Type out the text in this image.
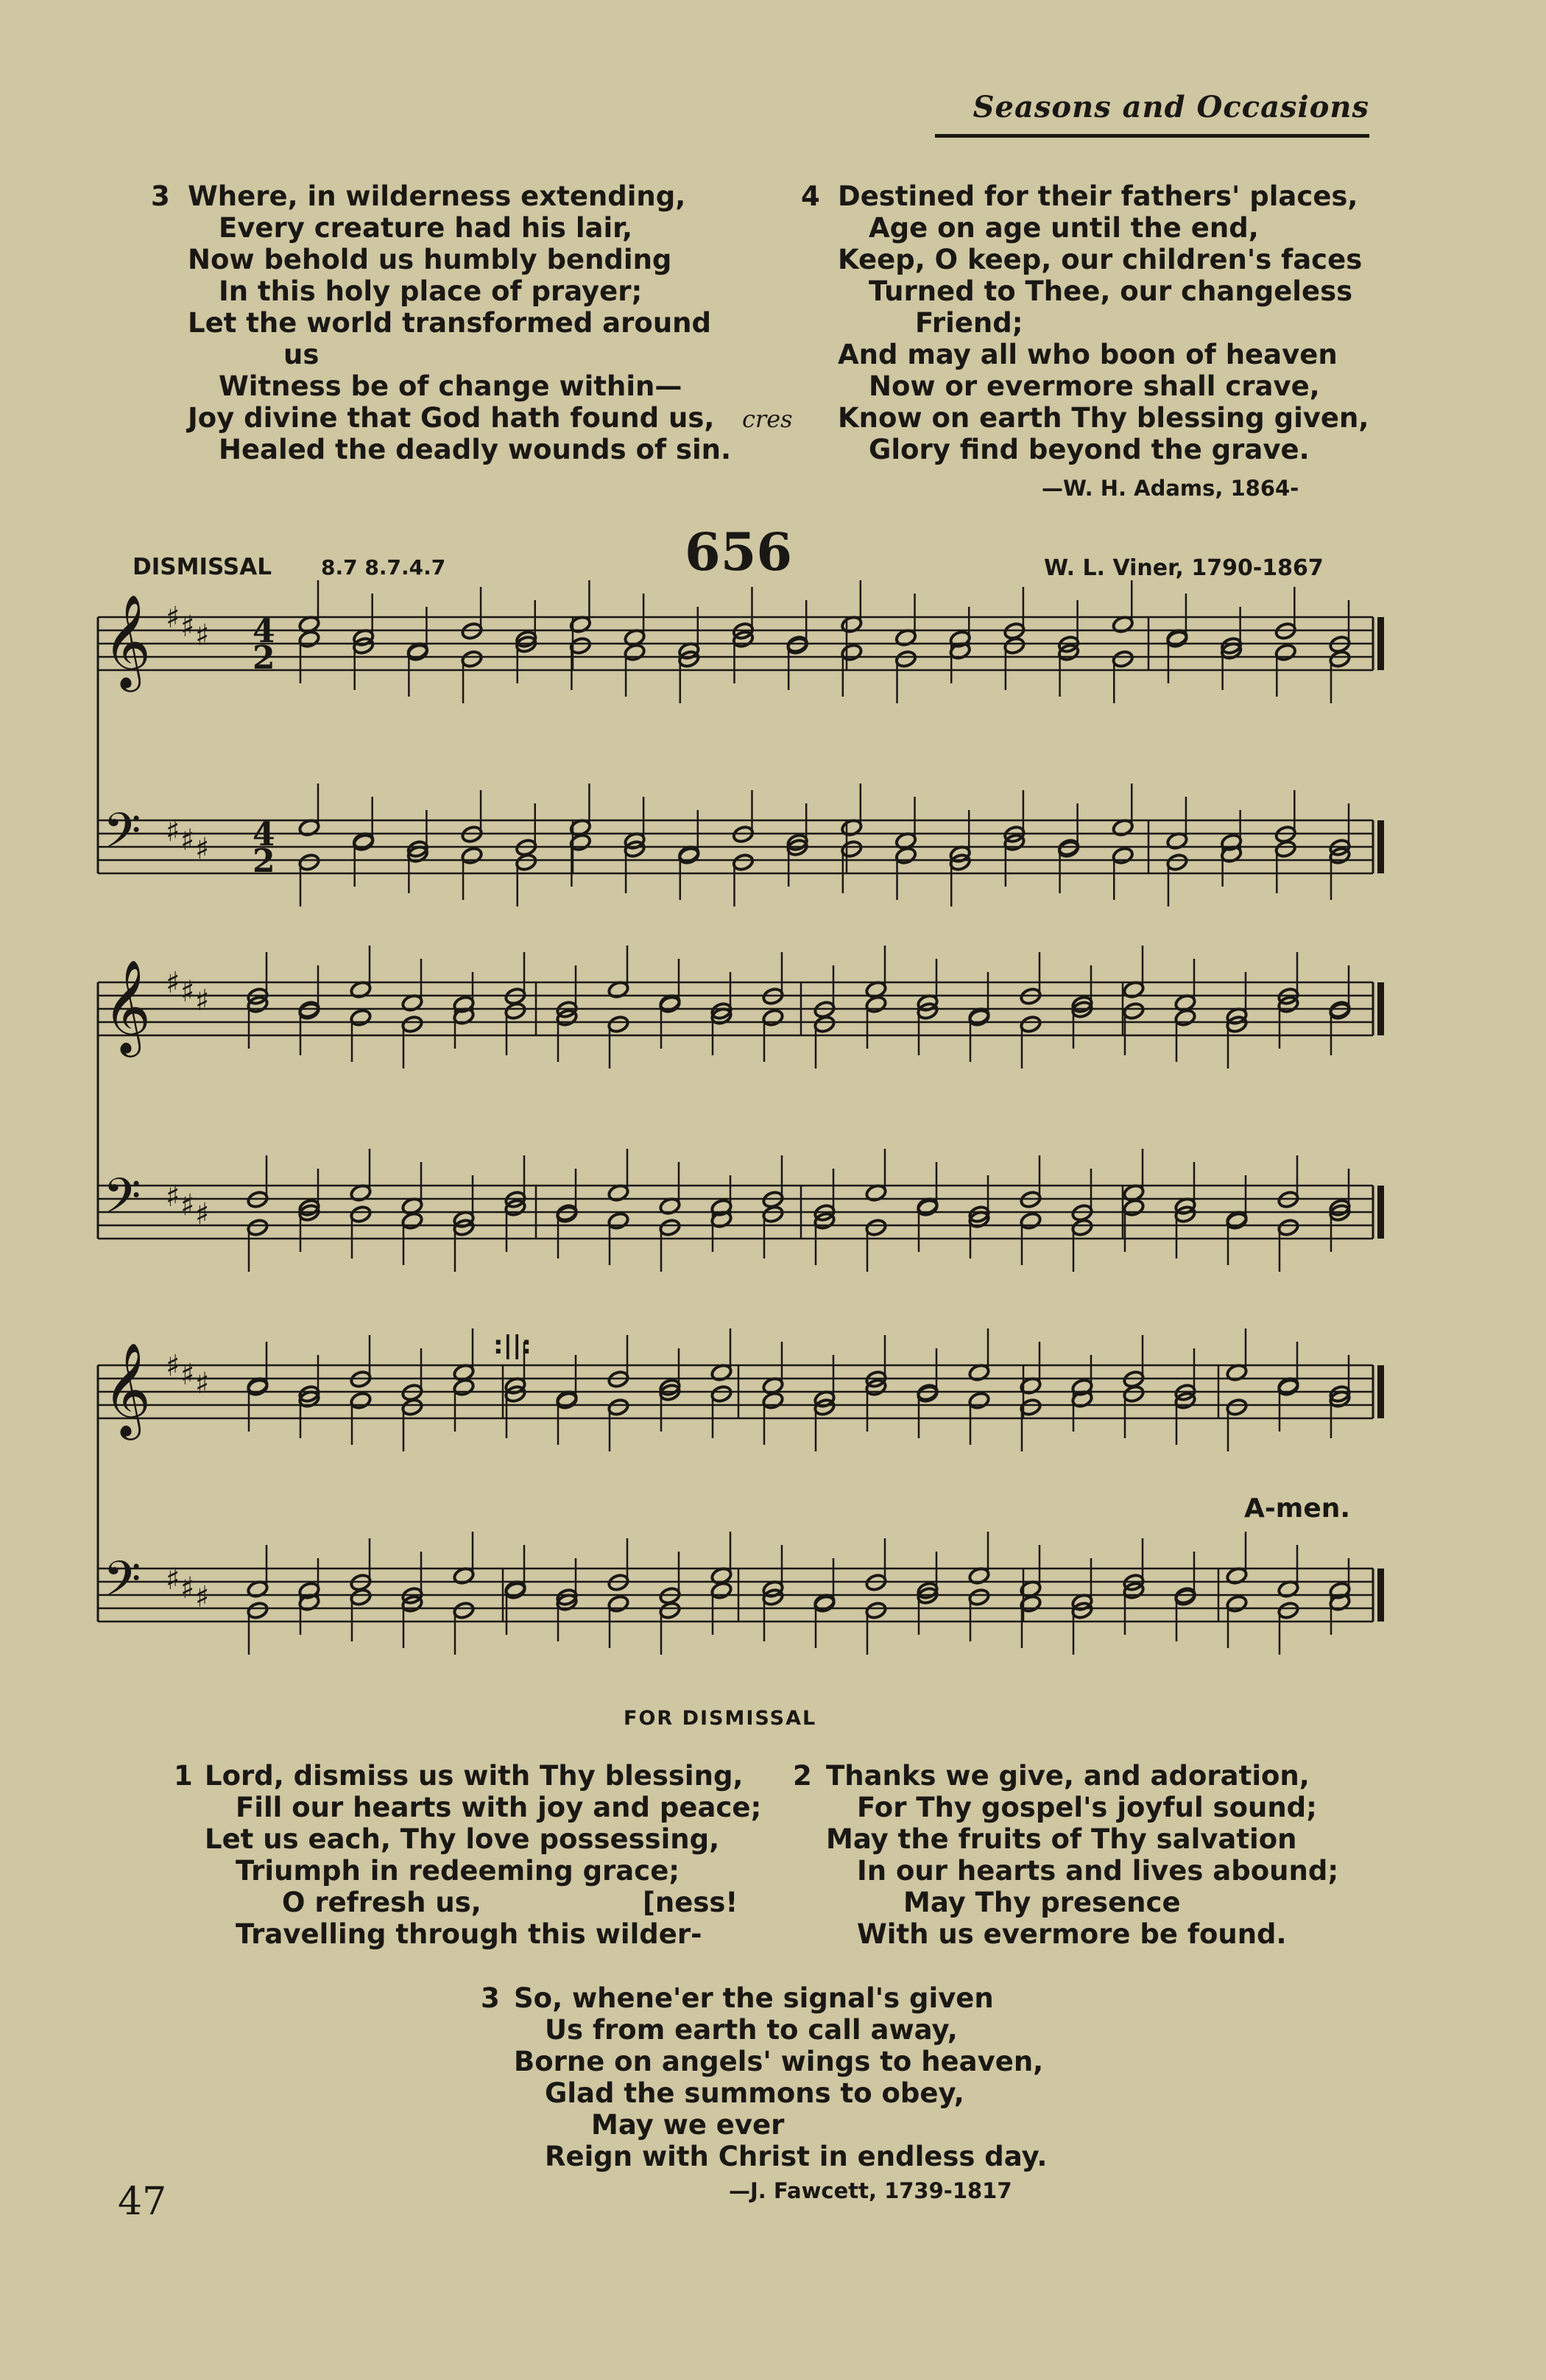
Seasons and Occasions
3 Where, in wilderness extending,
Every creature had his lair,
Now behold us humbly bending
In this holy place of prayer;
Let the world transformed around
us
Witness be of change within—
Joy divine that God hath found us,
Healed the deadly wounds of sin.
cres
4 Destined for their fathers' places,
Age on age until the end,
Keep, O keep, our children's faces
Turned to Thee, our changeless
Friend;
And may all who boon of heaven
Now or evermore shall crave,
Know on earth Thy blessing given,
Glory find beyond the grave.
—W. H. Adams, 1864-
DISMISSAL 8.7 8.7.4.7	656	W. L. Viner, 1790-1867
𝄞 ♯ ♯ ♯
𝄢 ♯ ♯ ♯
4
2
4
2
𝄞 ♯ ♯ ♯
𝄢 ♯ ♯ ♯
𝄞 ♯ ♯ ♯
𝄢 ♯ ♯ ♯
:||:
A-men.
FOR DISMISSAL
1 Lord, dismiss us with Thy blessing,
Fill our hearts with joy and peace;
Let us each, Thy love possessing,
Triumph in redeeming grace;
O refresh us,
Travelling through this wilder-
[ness!
2 Thanks we give, and adoration,
For Thy gospel's joyful sound;
May the fruits of Thy salvation
In our hearts and lives abound;
May Thy presence
With us evermore be found.
3 So, whene'er the signal's given
Us from earth to call away,
Borne on angels' wings to heaven,
Glad the summons to obey,
May we ever
Reign with Christ in endless day.
—J. Fawcett, 1739-1817
47
